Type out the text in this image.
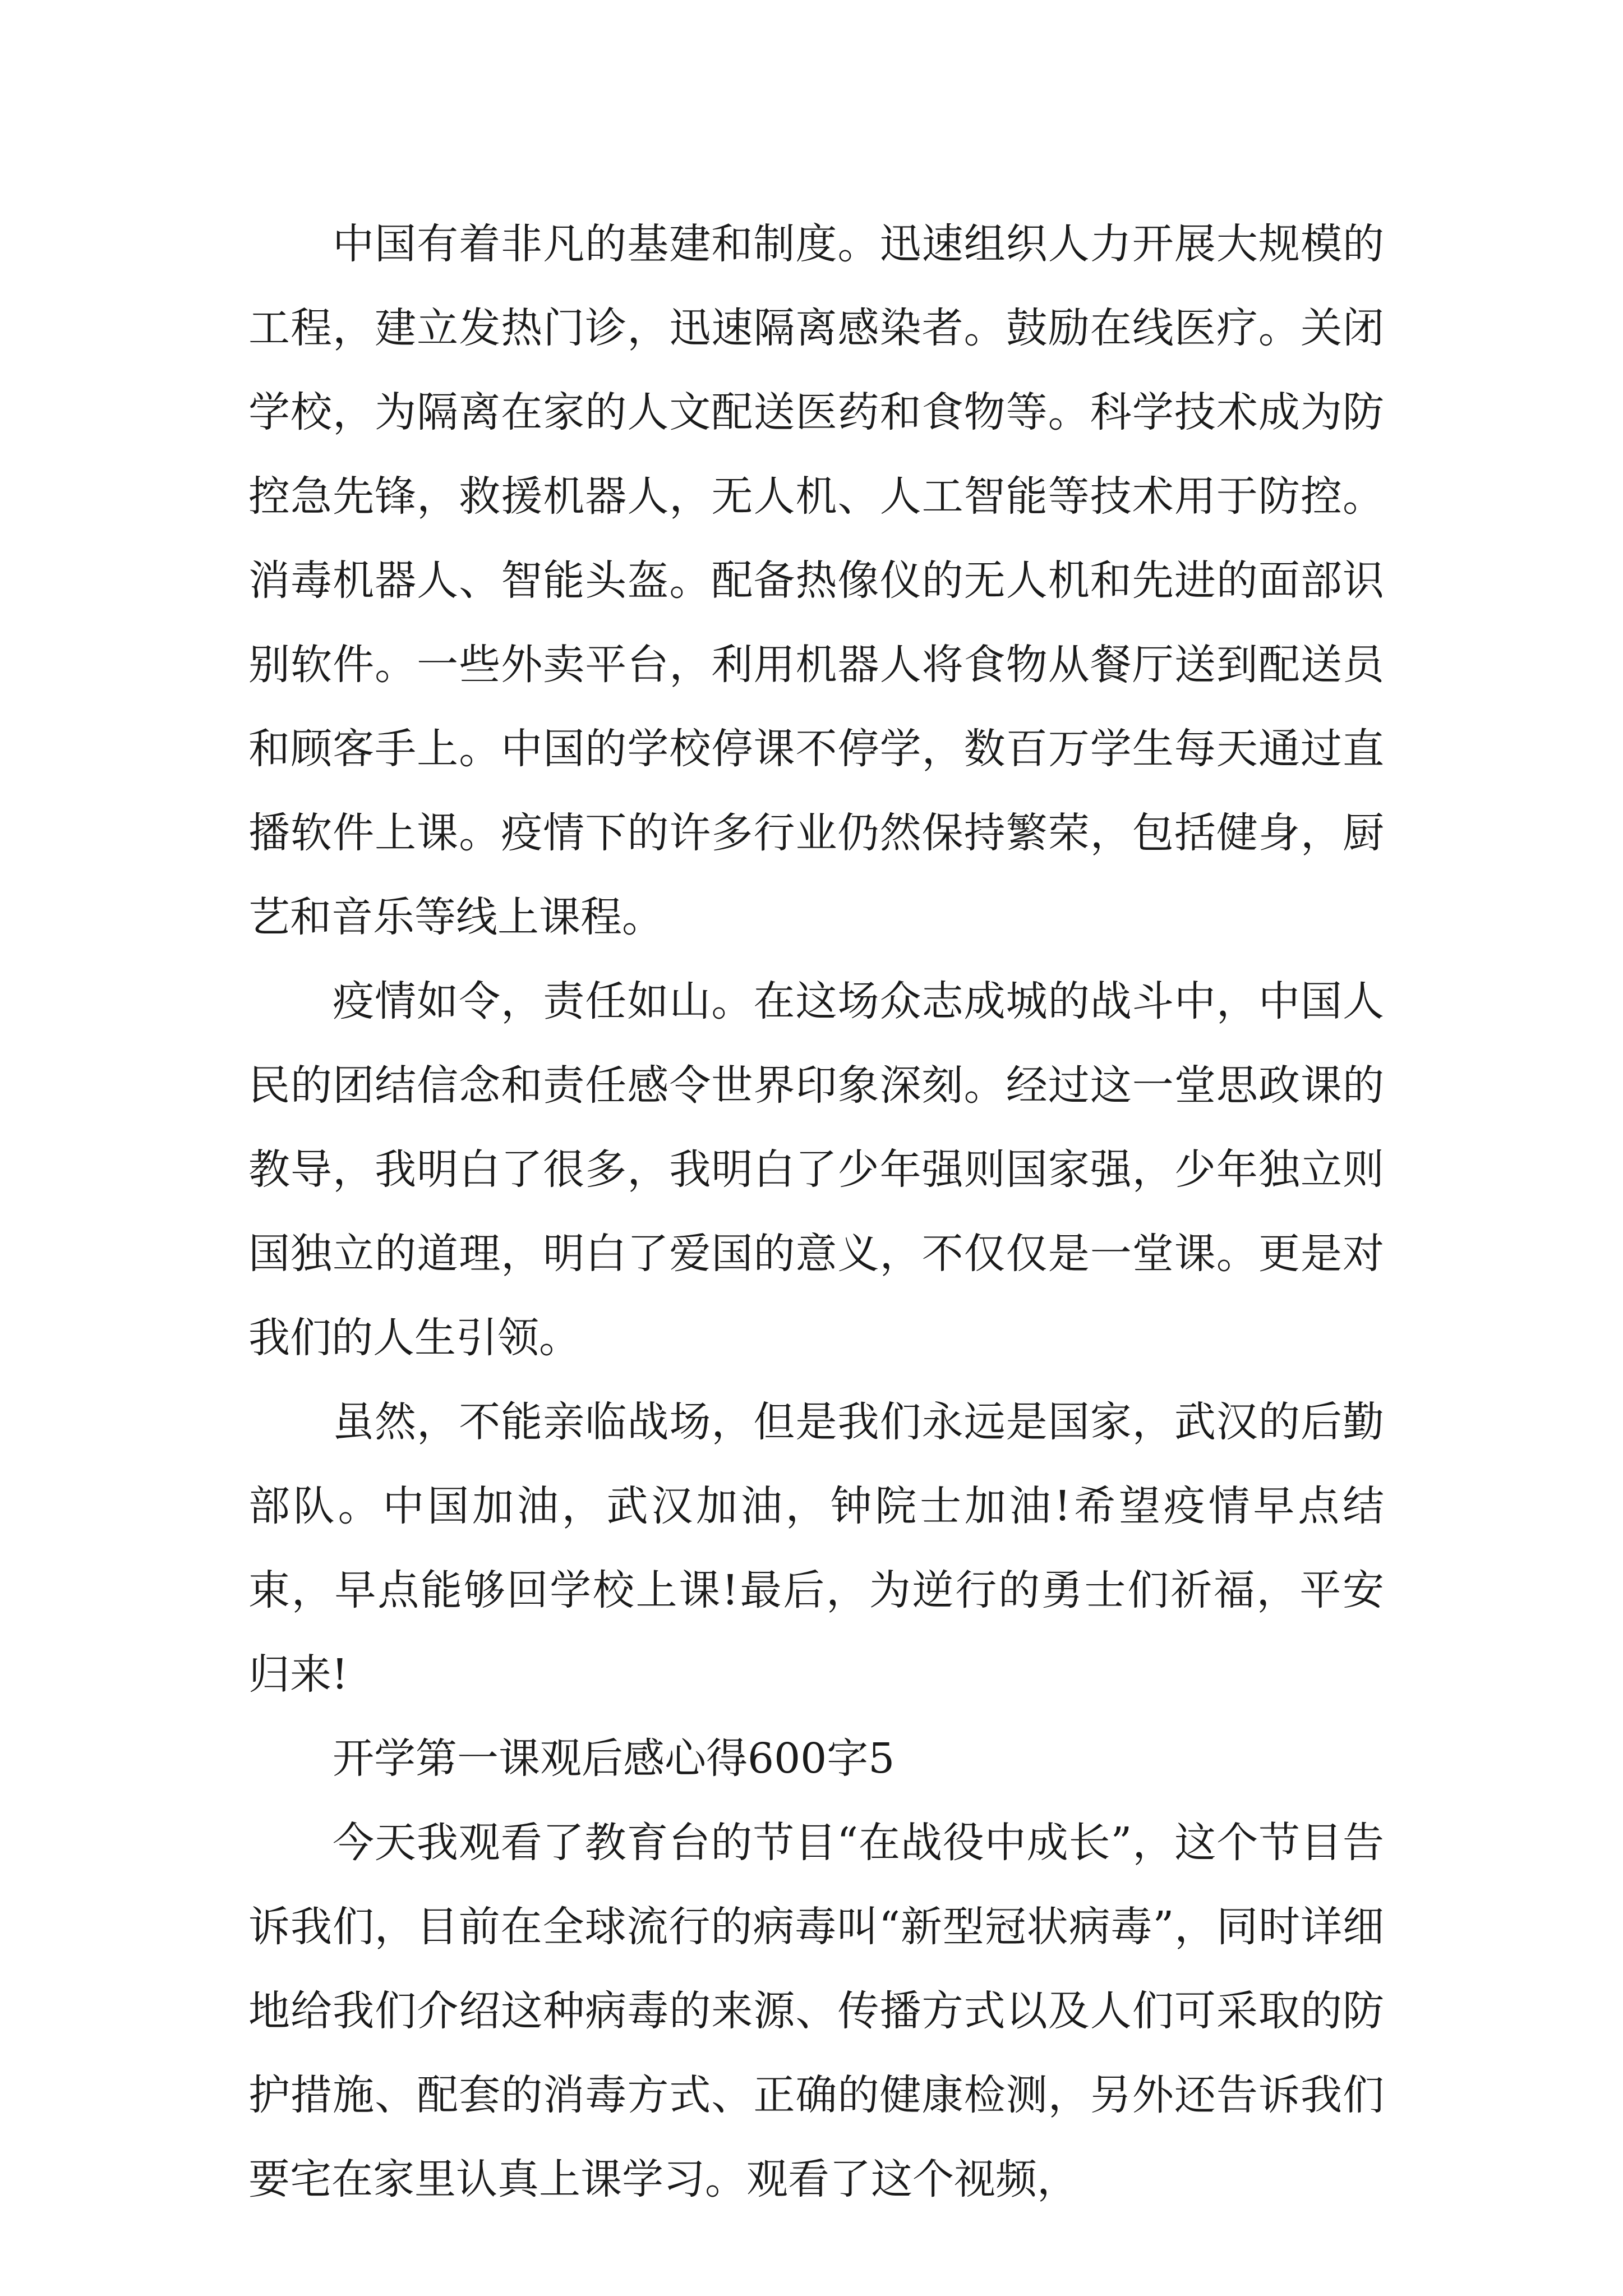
中国有着非凡的基建和制度。迅速组织人力开展大规模的工程，建立发热门诊，迅速隔离感染者。鼓励在线医疗。关闭学校，为隔离在家的人文配送医药和食物等。科学技术成为防控急先锋，救援机器人，无人机、人工智能等技术用于防控。消毒机器人、智能头盔。配备热像仪的无人机和先进的面部识别软件。一些外卖平台，利用机器人将食物从餐厅送到配送员和顾客手上。中国的学校停课不停学，数百万学生每天通过直播软件上课。疫情下的许多行业仍然保持繁荣，包括健身，厨艺和音乐等线上课程。

疫情如令，责任如山。在这场众志成城的战斗中，中国人民的团结信念和责任感令世界印象深刻。经过这一堂思政课的教导，我明白了很多，我明白了少年强则国家强，少年独立则国独立的道理，明白了爱国的意义，不仅仅是一堂课。更是对我们的人生引领。

虽然，不能亲临战场，但是我们永远是国家，武汉的后勤部队。中国加油，武汉加油，钟院士加油!希望疫情早点结束，早点能够回学校上课!最后，为逆行的勇士们祈福，平安归来!

开学第一课观后感心得600字5

今天我观看了教育台的节目“在战役中成长”，这个节目告诉我们，目前在全球流行的病毒叫“新型冠状病毒”，同时详细地给我们介绍这种病毒的来源、传播方式以及人们可采取的防护措施、配套的消毒方式、正确的健康检测，另外还告诉我们要宅在家里认真上课学习。观看了这个视频，
